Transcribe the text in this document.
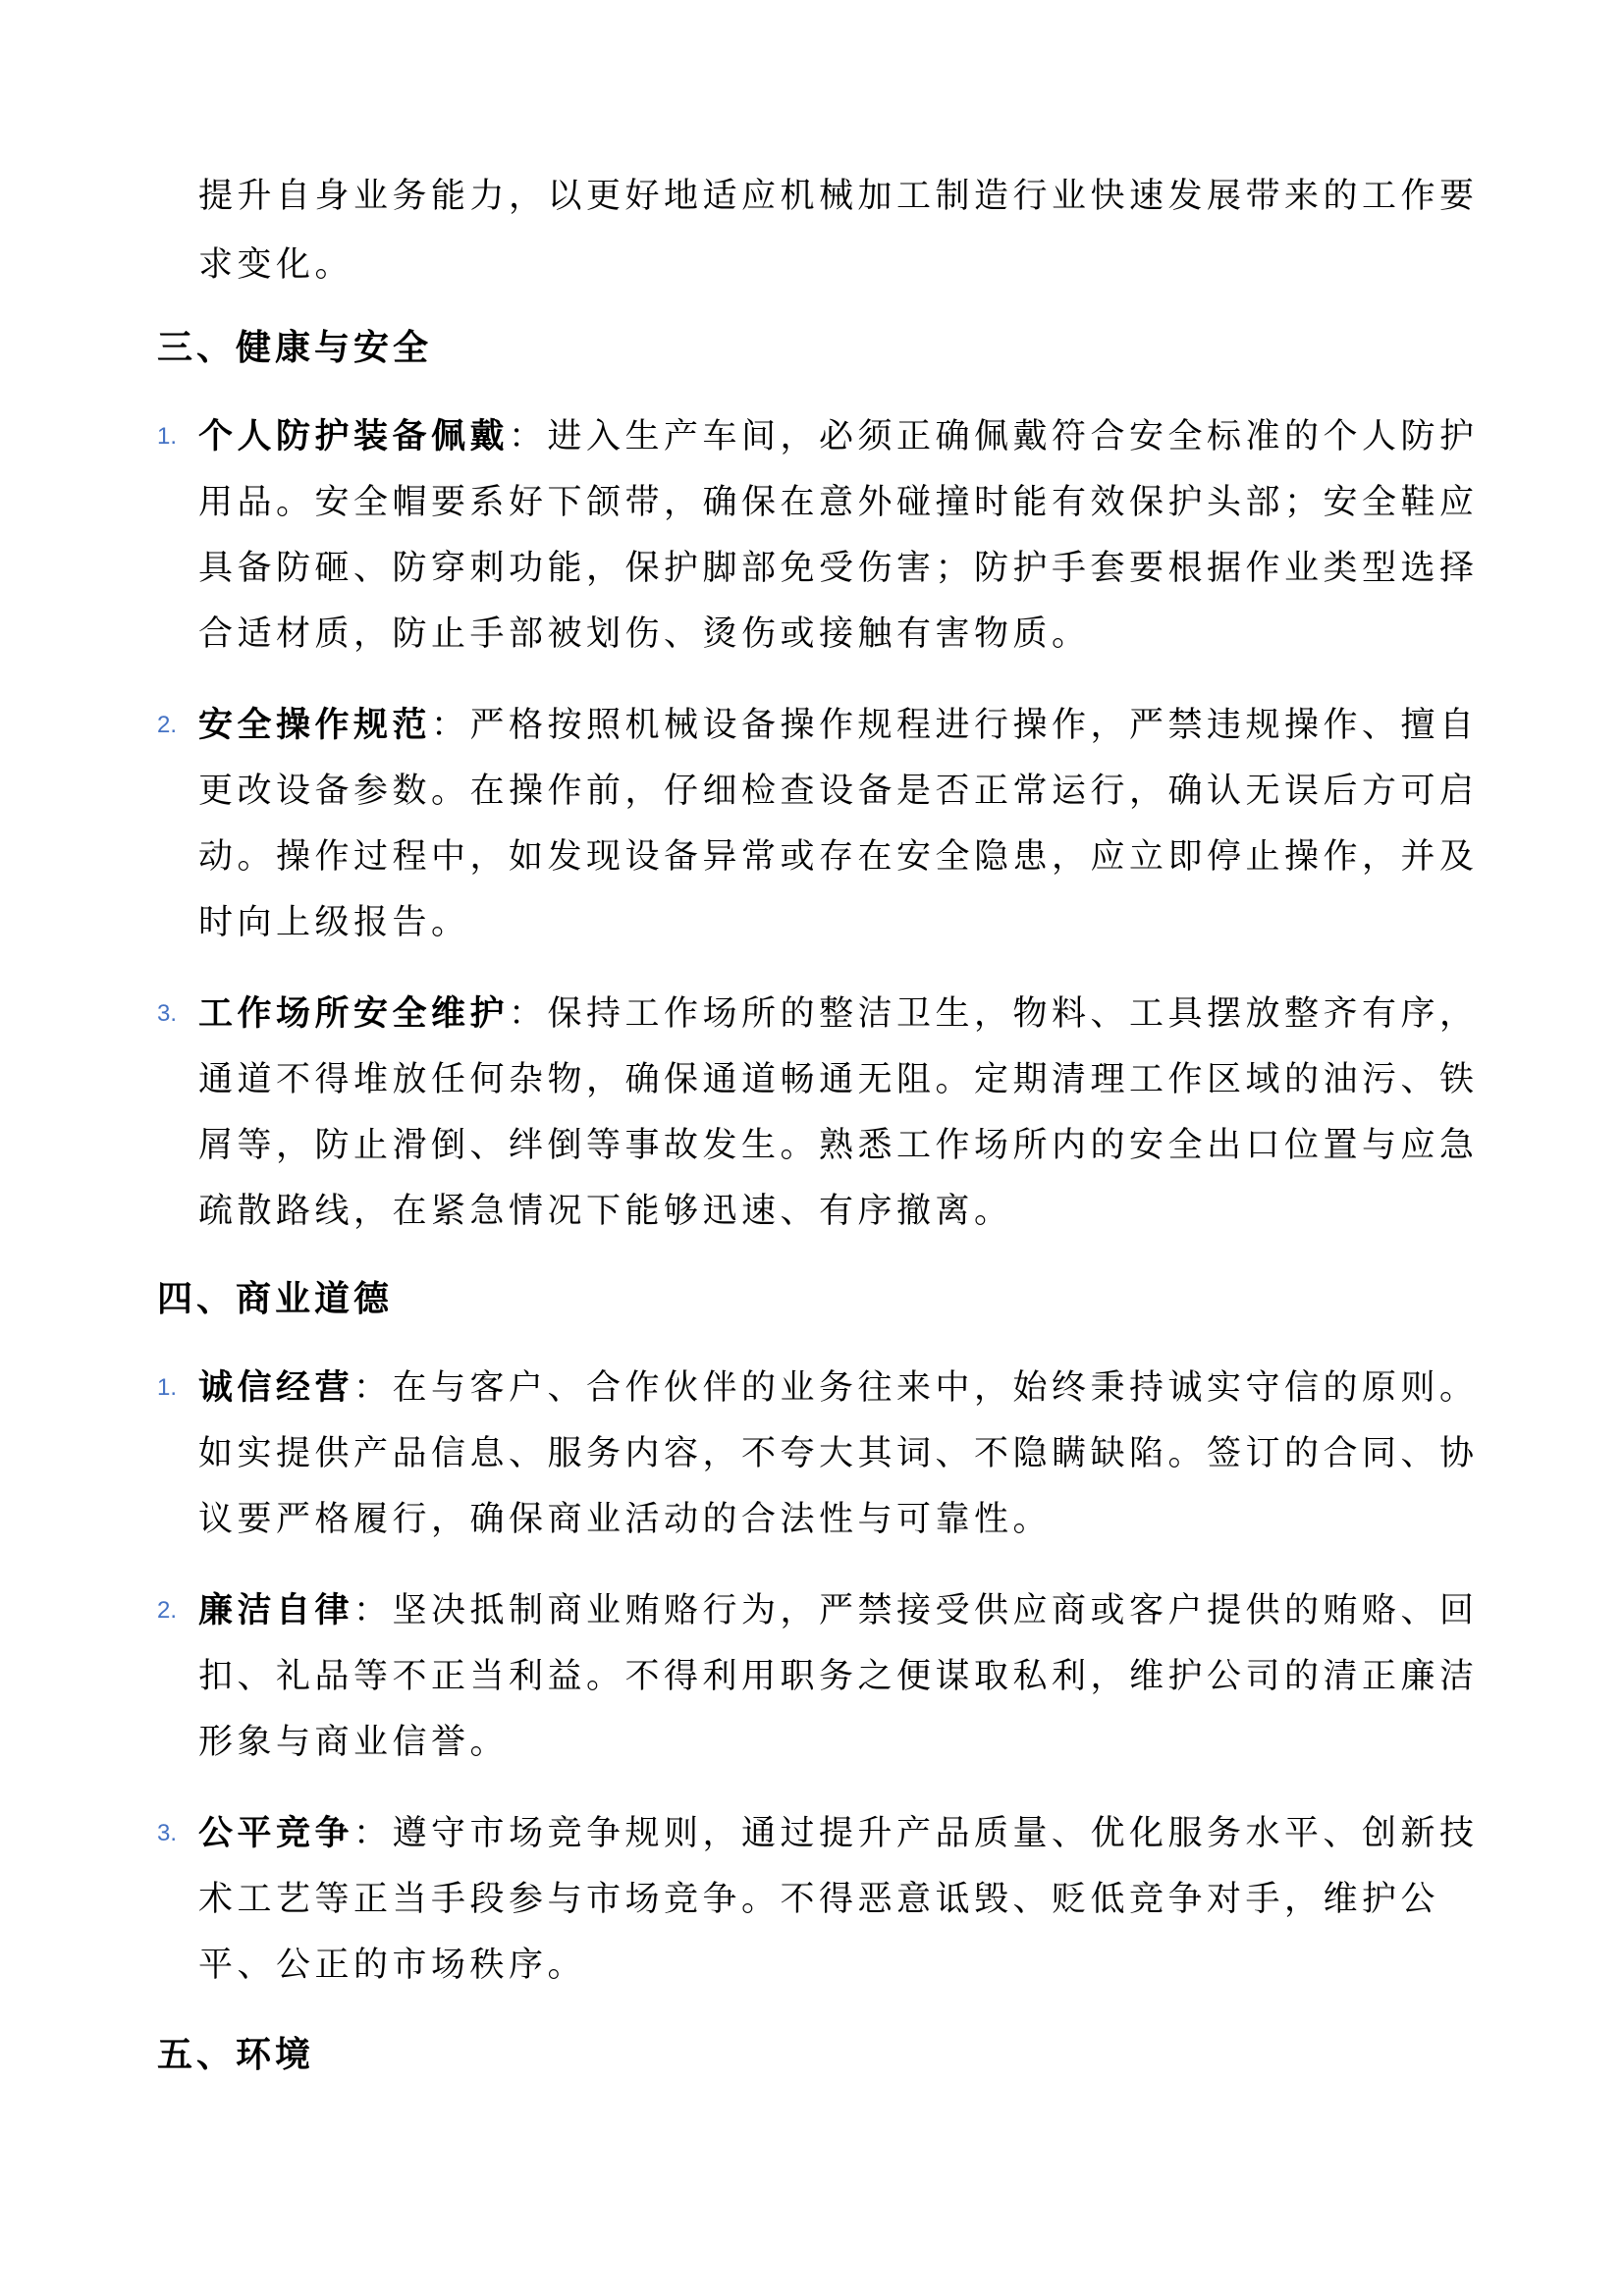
提升自身业务能力，以更好地适应机械加工制造行业快速发展带来的工作要
求变化。
三、健康与安全
1. 个人防护装备佩戴：进入生产车间，必须正确佩戴符合安全标准的个人防护
用品。安全帽要系好下颌带，确保在意外碰撞时能有效保护头部；安全鞋应
具备防砸、防穿刺功能，保护脚部免受伤害；防护手套要根据作业类型选择
合适材质，防止手部被划伤、烫伤或接触有害物质。
2. 安全操作规范：严格按照机械设备操作规程进行操作，严禁违规操作、擅自
更改设备参数。在操作前，仔细检查设备是否正常运行，确认无误后方可启
动。操作过程中，如发现设备异常或存在安全隐患，应立即停止操作，并及
时向上级报告。
3. 工作场所安全维护：保持工作场所的整洁卫生，物料、工具摆放整齐有序，
通道不得堆放任何杂物，确保通道畅通无阻。定期清理工作区域的油污、铁
屑等，防止滑倒、绊倒等事故发生。熟悉工作场所内的安全出口位置与应急
疏散路线，在紧急情况下能够迅速、有序撤离。
四、商业道德
1. 诚信经营：在与客户、合作伙伴的业务往来中，始终秉持诚实守信的原则。
如实提供产品信息、服务内容，不夸大其词、不隐瞒缺陷。签订的合同、协
议要严格履行，确保商业活动的合法性与可靠性。
2. 廉洁自律：坚决抵制商业贿赂行为，严禁接受供应商或客户提供的贿赂、回
扣、礼品等不正当利益。不得利用职务之便谋取私利，维护公司的清正廉洁
形象与商业信誉。
3. 公平竞争：遵守市场竞争规则，通过提升产品质量、优化服务水平、创新技
术工艺等正当手段参与市场竞争。不得恶意诋毁、贬低竞争对手，维护公
平、公正的市场秩序。
五、环境
